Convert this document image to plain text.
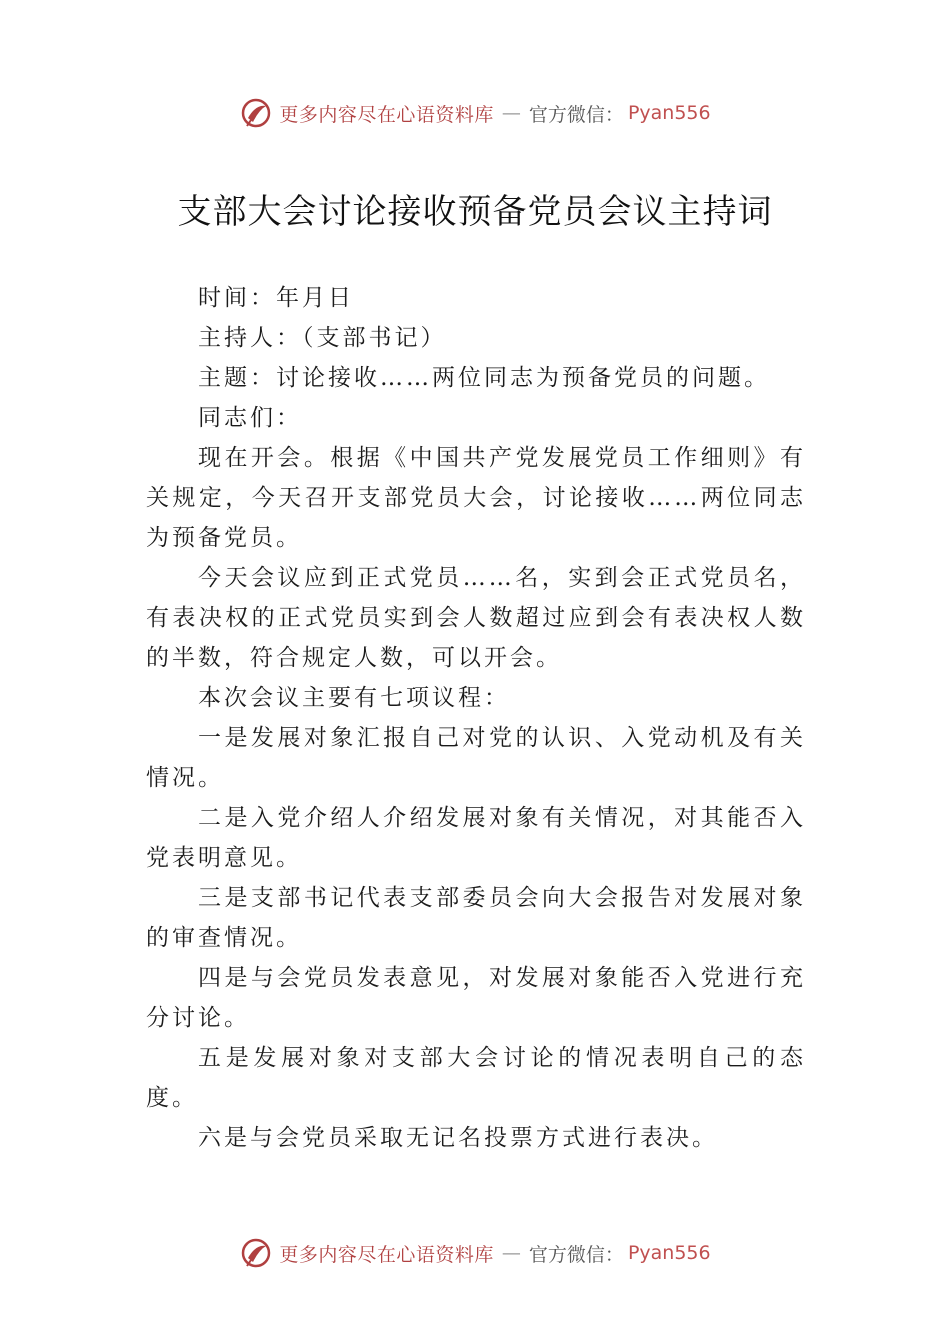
更多内容尽在心语资料库 — 官方微信： Pyan556
支部大会讨论接收预备党员会议主持词

时间：年月日

主持人：（支部书记）

主题：讨论接收……两位同志为预备党员的问题。

同志们：

现在开会。根据《中国共产党发展党员工作细则》有关规定，今天召开支部党员大会，讨论接收……两位同志为预备党员。

今天会议应到正式党员……名，实到会正式党员名，有表决权的正式党员实到会人数超过应到会有表决权人数的半数，符合规定人数，可以开会。

本次会议主要有七项议程：

一是发展对象汇报自己对党的认识、入党动机及有关情况。

二是入党介绍人介绍发展对象有关情况，对其能否入党表明意见。

三是支部书记代表支部委员会向大会报告对发展对象的审查情况。

四是与会党员发表意见，对发展对象能否入党进行充分讨论。

五是发展对象对支部大会讨论的情况表明自己的态度。

六是与会党员采取无记名投票方式进行表决。

更多内容尽在心语资料库 — 官方微信： Pyan556
